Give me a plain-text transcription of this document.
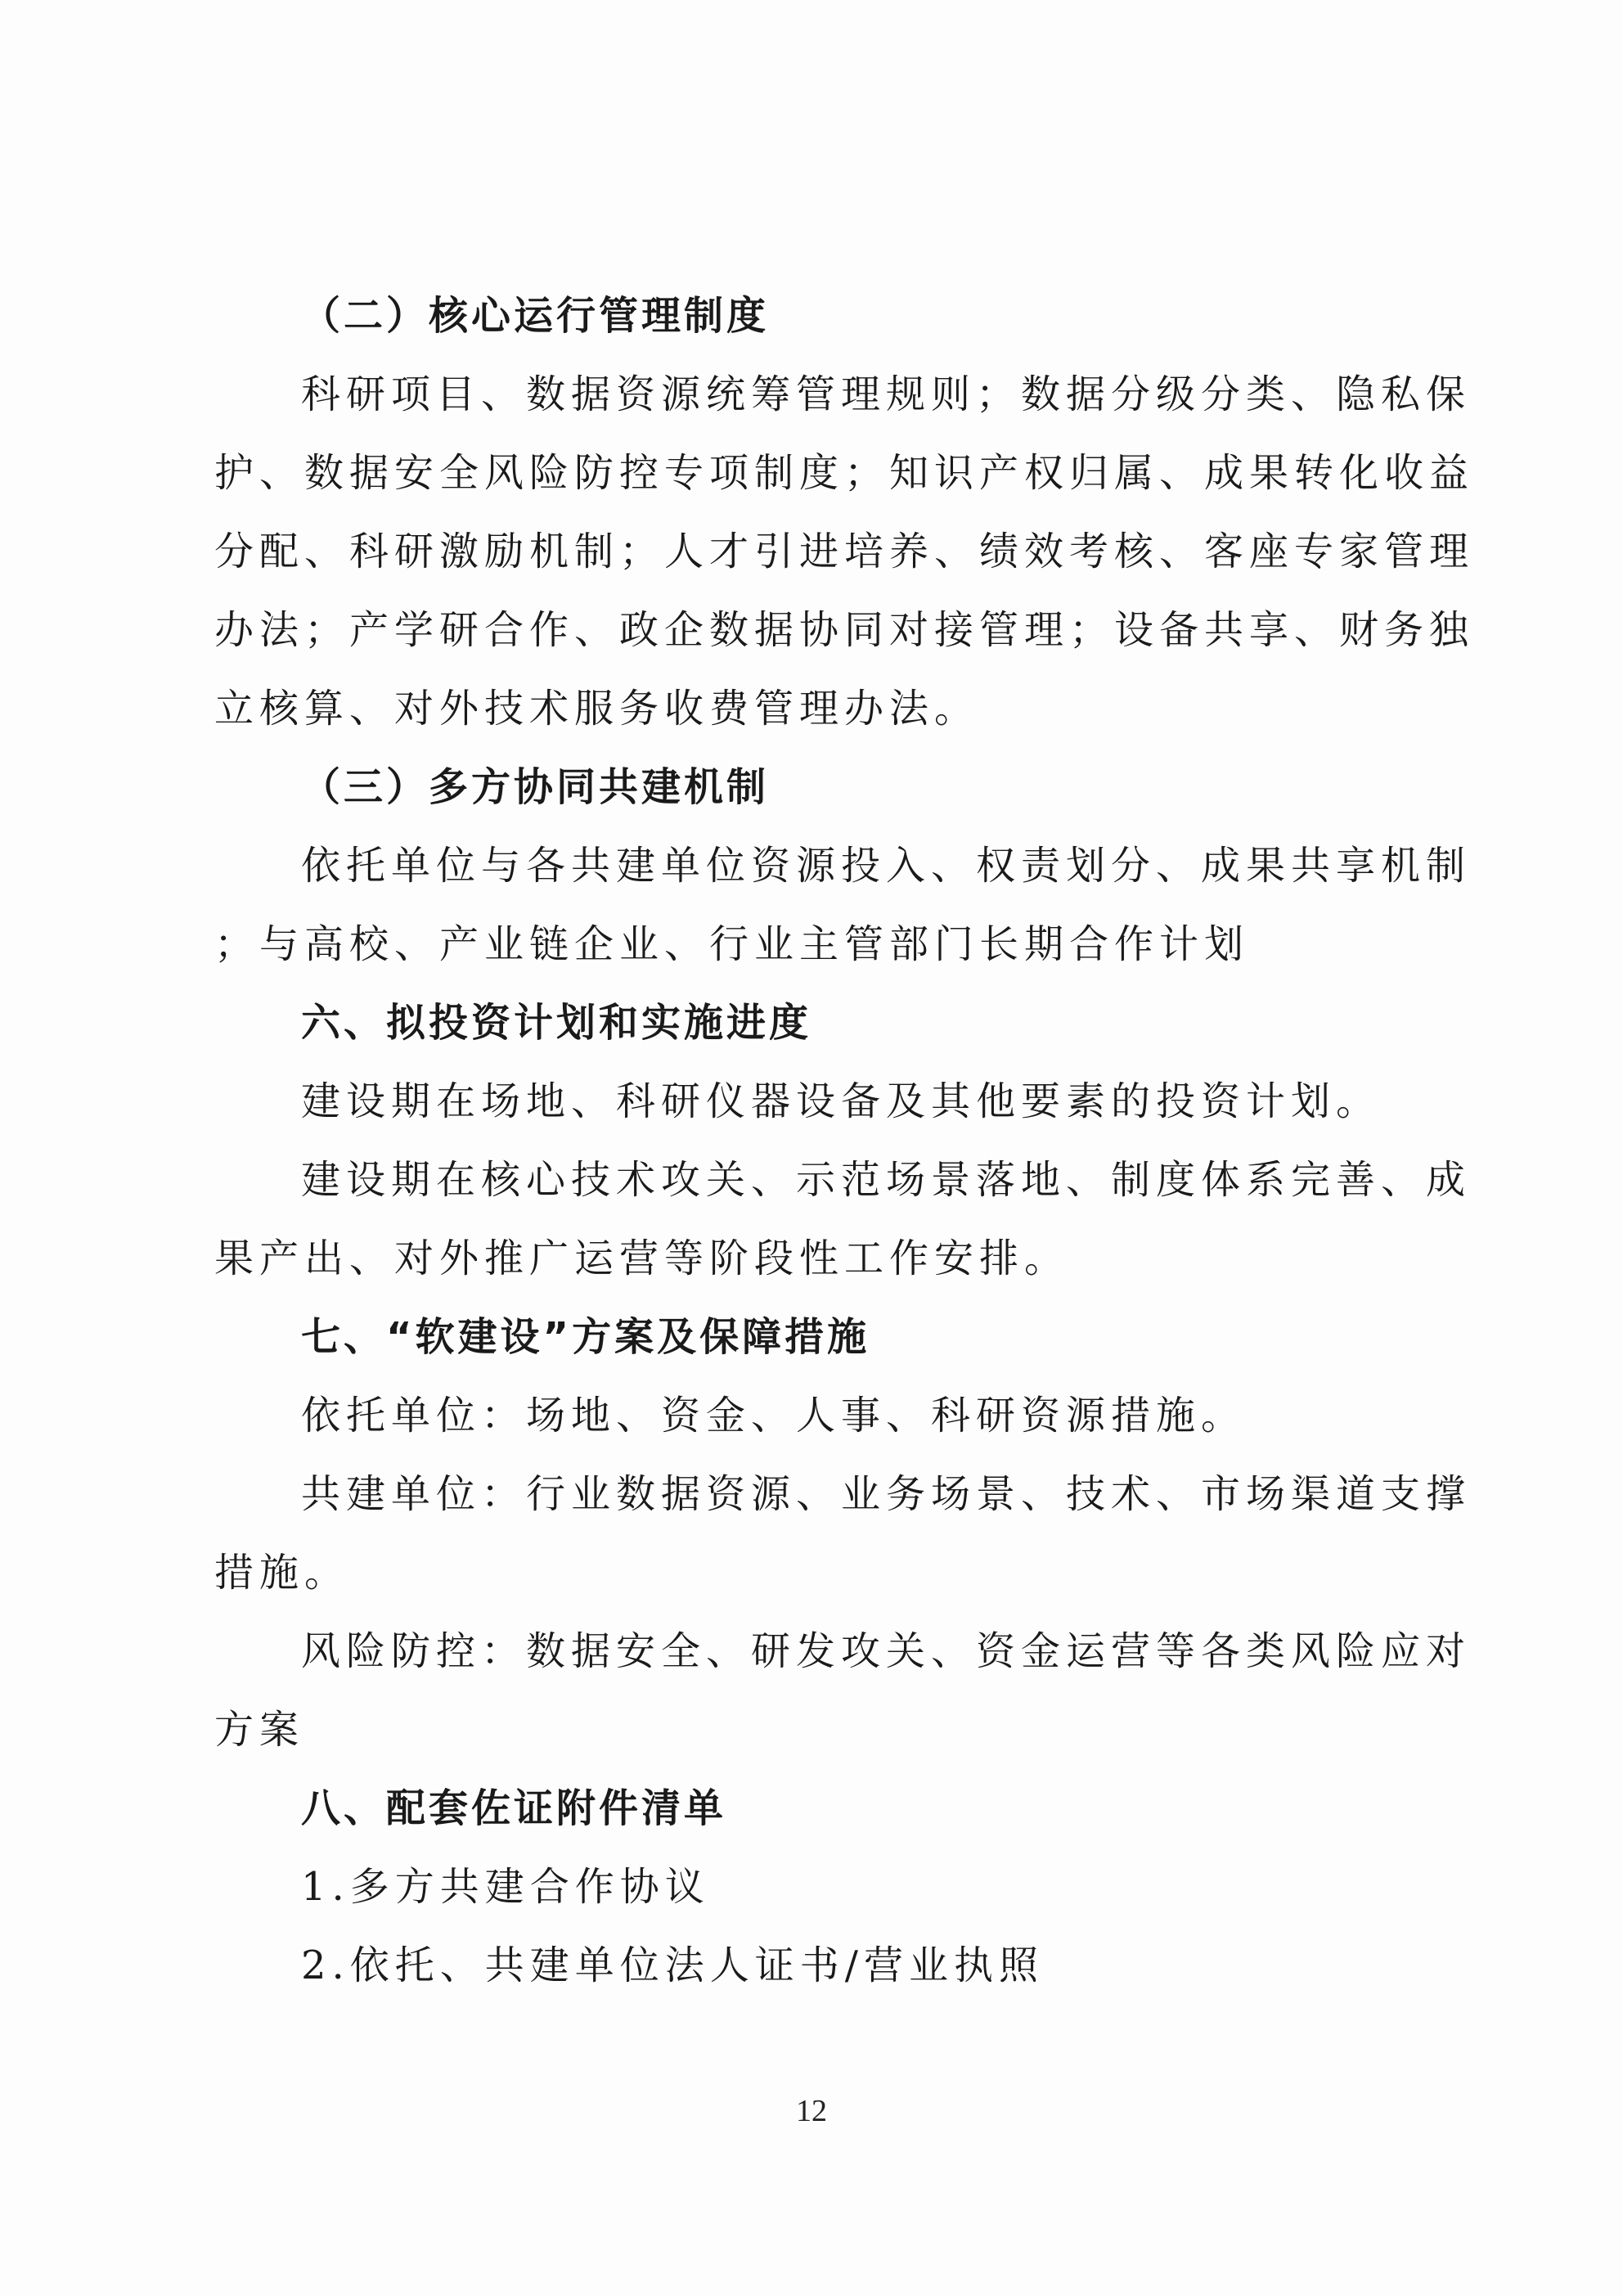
（二）核心运行管理制度
科研项目、数据资源统筹管理规则；数据分级分类、隐私保
护、数据安全风险防控专项制度；知识产权归属、成果转化收益
分配、科研激励机制；人才引进培养、绩效考核、客座专家管理
办法；产学研合作、政企数据协同对接管理；设备共享、财务独
立核算、对外技术服务收费管理办法。
（三）多方协同共建机制
依托单位与各共建单位资源投入、权责划分、成果共享机制
；与高校、产业链企业、行业主管部门长期合作计划
六、拟投资计划和实施进度
建设期在场地、科研仪器设备及其他要素的投资计划。
建设期在核心技术攻关、示范场景落地、制度体系完善、成
果产出、对外推广运营等阶段性工作安排。
七、“软建设”方案及保障措施
依托单位：场地、资金、人事、科研资源措施。
共建单位：行业数据资源、业务场景、技术、市场渠道支撑
措施。
风险防控：数据安全、研发攻关、资金运营等各类风险应对
方案
八、配套佐证附件清单
1.多方共建合作协议
2.依托、共建单位法人证书/营业执照
12
